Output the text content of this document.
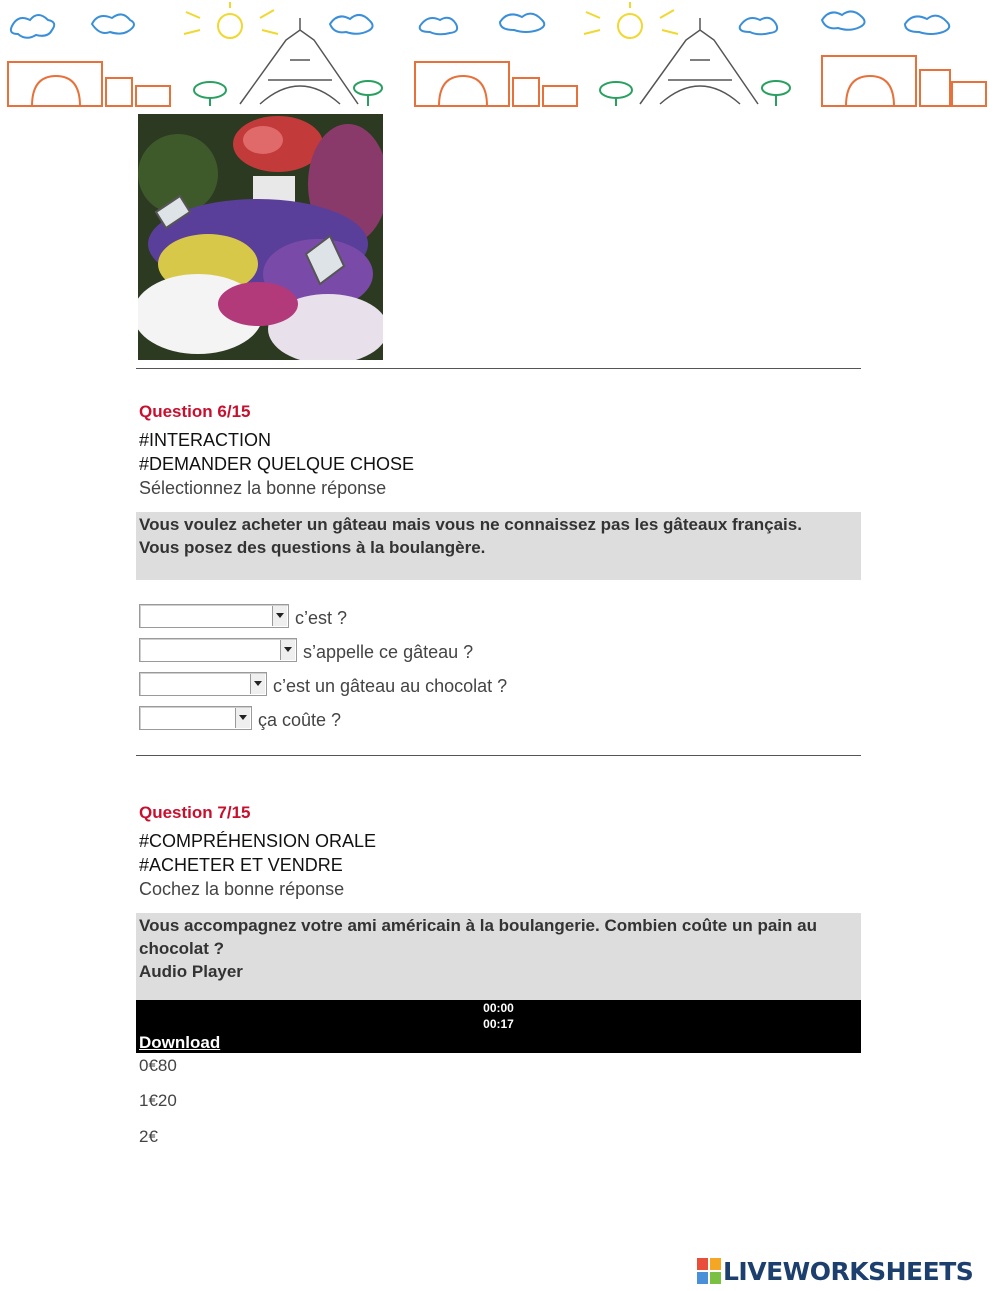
Question 6/15
#INTERACTION
#DEMANDER QUELQUE CHOSE
Sélectionnez la bonne réponse
Vous voulez acheter un gâteau mais vous ne connaissez pas les gâteaux français.
Vous posez des questions à la boulangère.
c’est ?
s’appelle ce gâteau ?
c’est un gâteau au chocolat ?
ça coûte ?
Question 7/15
#COMPRÉHENSION ORALE
#ACHETER ET VENDRE
Cochez la bonne réponse
Vous accompagnez votre ami américain à la boulangerie. Combien coûte un pain au
chocolat ?
Audio Player
00:00
00:17
Download
0€80
1€20
2€
LIVEWORKSHEETS
